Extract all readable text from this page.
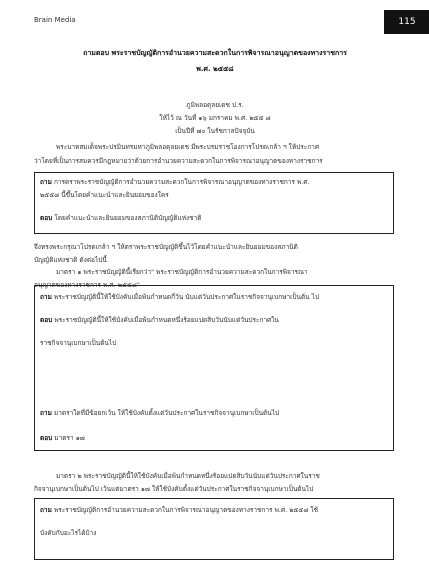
Brain Media	115
ถามตอบ พระราชบัญญัติการอำนวยความสะดวกในการพิจารณาอนุญาตของทางราชการ
พ.ศ. ๒๕๕๘
ภูมิพลอดุลยเดช ป.ร.
ให้ไว้ ณ วันที่ ๑๖ มกราคม พ.ศ. ๒๕๕ ๘
เป็นปีที่ ๗๐ ในรัชกาลปัจจุบัน
พระบาทสมเด็จพระปรมินทรมหาภูมิพลอดุลยเดช มีพระบรมราชโองการโปรดเกล้า ฯ ให้ประกาศ
ว่าโดยที่เป็นการสมควรมีกฎหมายว่าด้วยการอำนวยความสะดวกในการพิจารณาอนุญาตของทางราชการ
ถาม การตราพระราชบัญญัติการอำนวยความสะดวกในการพิจารณาอนุญาตของทางราชการ พ.ศ.
๒๕๕๘ นี้ขึ้นโดยคำแนะนำและยินยอมของใคร
ตอบ โดยคำแนะนำและยินยอมของสภานิติบัญญัติแห่งชาติ
จึงทรงพระกรุณาโปรดเกล้า ฯ ให้ตราพระราชบัญญัติขึ้นไว้โดยคำแนะนำและยินยอมของสภานิติ
บัญญัติแห่งชาติ ดังต่อไปนี้
มาตรา ๑ พระราชบัญญัตินี้เรียกว่า" พระราชบัญญัติการอำนวยความสะดวกในการพิจารณา
อนุญาตของทางราชการ พ.ศ. ๒๕๕๘"
ถาม พระราชบัญญัตินี้ให้ใช้บังคับเมื่อพ้นกำหนดกี่วัน นับแต่วันประกาศในราชกิจจานุเบกษาเป็นต้น ไป
ตอบ พระราชบัญญัตินี้ให้ใช้บังคับเมื่อพ้นกำหนดหนึ่งร้อยแปดสิบวันนับแต่วันประกาศใน
ราชกิจจานุเบกษาเป็นต้นไป
ถาม มาตราใดที่มีข้อยกเว้น ให้ใช้บังคับตั้งแต่วันประกาศในราชกิจจานุเบกษาเป็นต้นไป
ตอบ มาตรา ๑๗
มาตรา ๒ พระราชบัญญัตินี้ให้ใช้บังคับเมื่อพ้นกำหนดหนึ่งร้อยแปดสิบวันนับแต่วันประกาศในราช
กิจจานุเบกษาเป็นต้นไป เว้นแต่มาตรา ๑๗ ให้ใช้บังคับตั้งแต่วันประกาศในราชกิจจานุเบกษาเป็นต้นไป
ถาม พระราชบัญญัติการอำนวยความสะดวกในการพิจารณาอนุญาตของทางราชการ พ.ศ. ๒๕๕๘ ใช้
บังคับกับอะไรได้บ้าง
